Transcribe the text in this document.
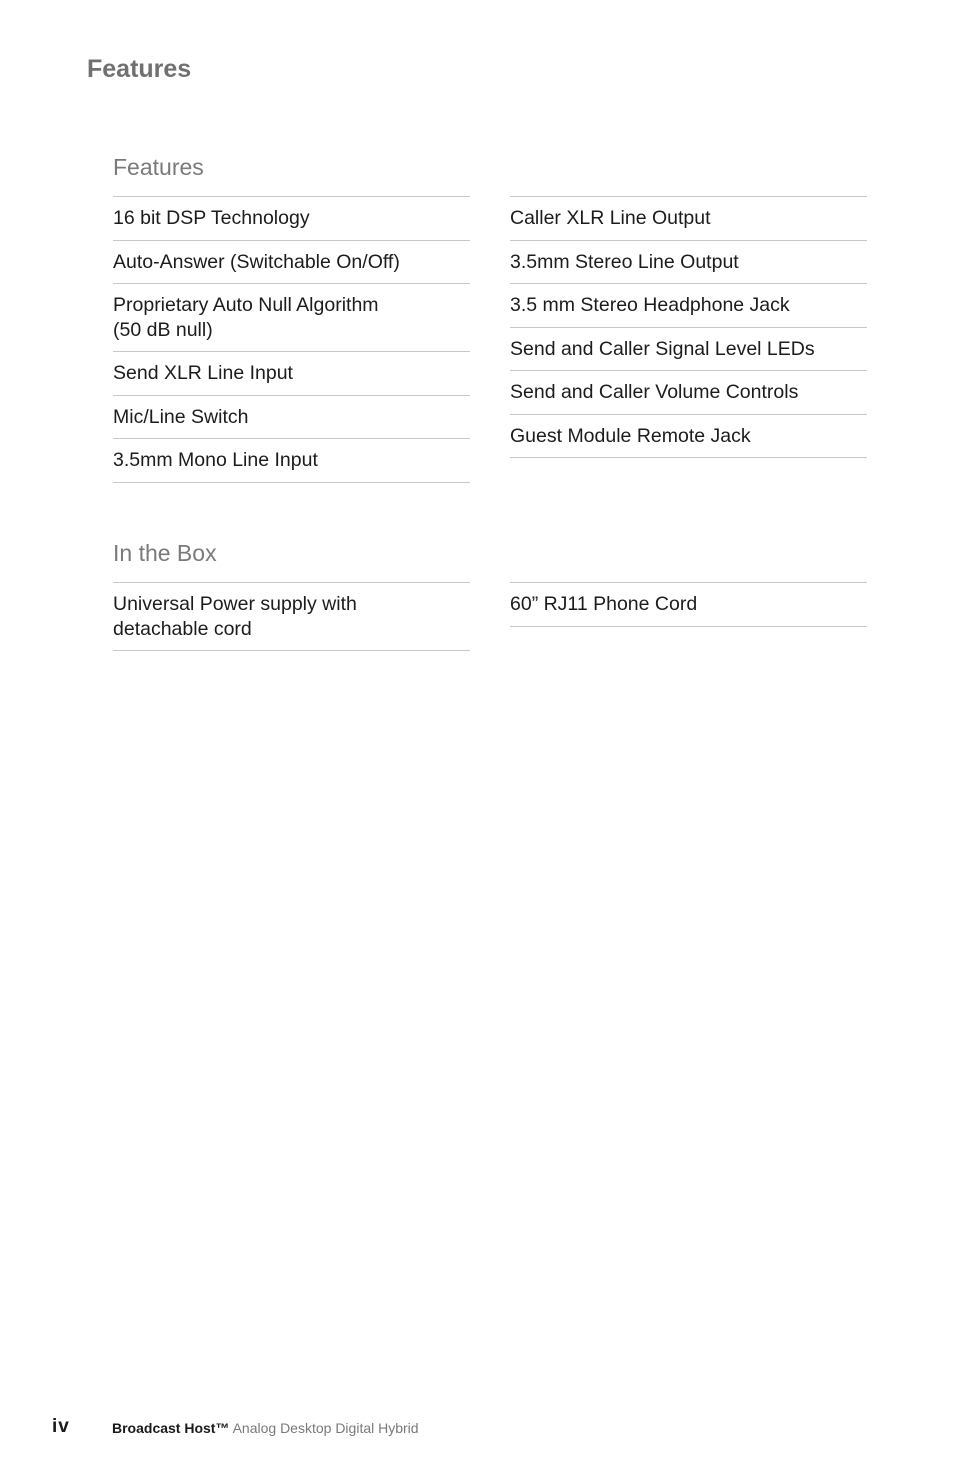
Features
Features
16 bit DSP Technology
Auto-Answer (Switchable On/Off)
Proprietary Auto Null Algorithm
(50 dB null)
Send XLR Line Input
Mic/Line Switch
3.5mm Mono Line Input
Caller XLR Line Output
3.5mm Stereo Line Output
3.5 mm Stereo Headphone Jack
Send and Caller Signal Level LEDs
Send and Caller Volume Controls
Guest Module Remote Jack
In the Box
Universal Power supply with
detachable cord
60” RJ11 Phone Cord
iv	Broadcast Host™ Analog Desktop Digital Hybrid
